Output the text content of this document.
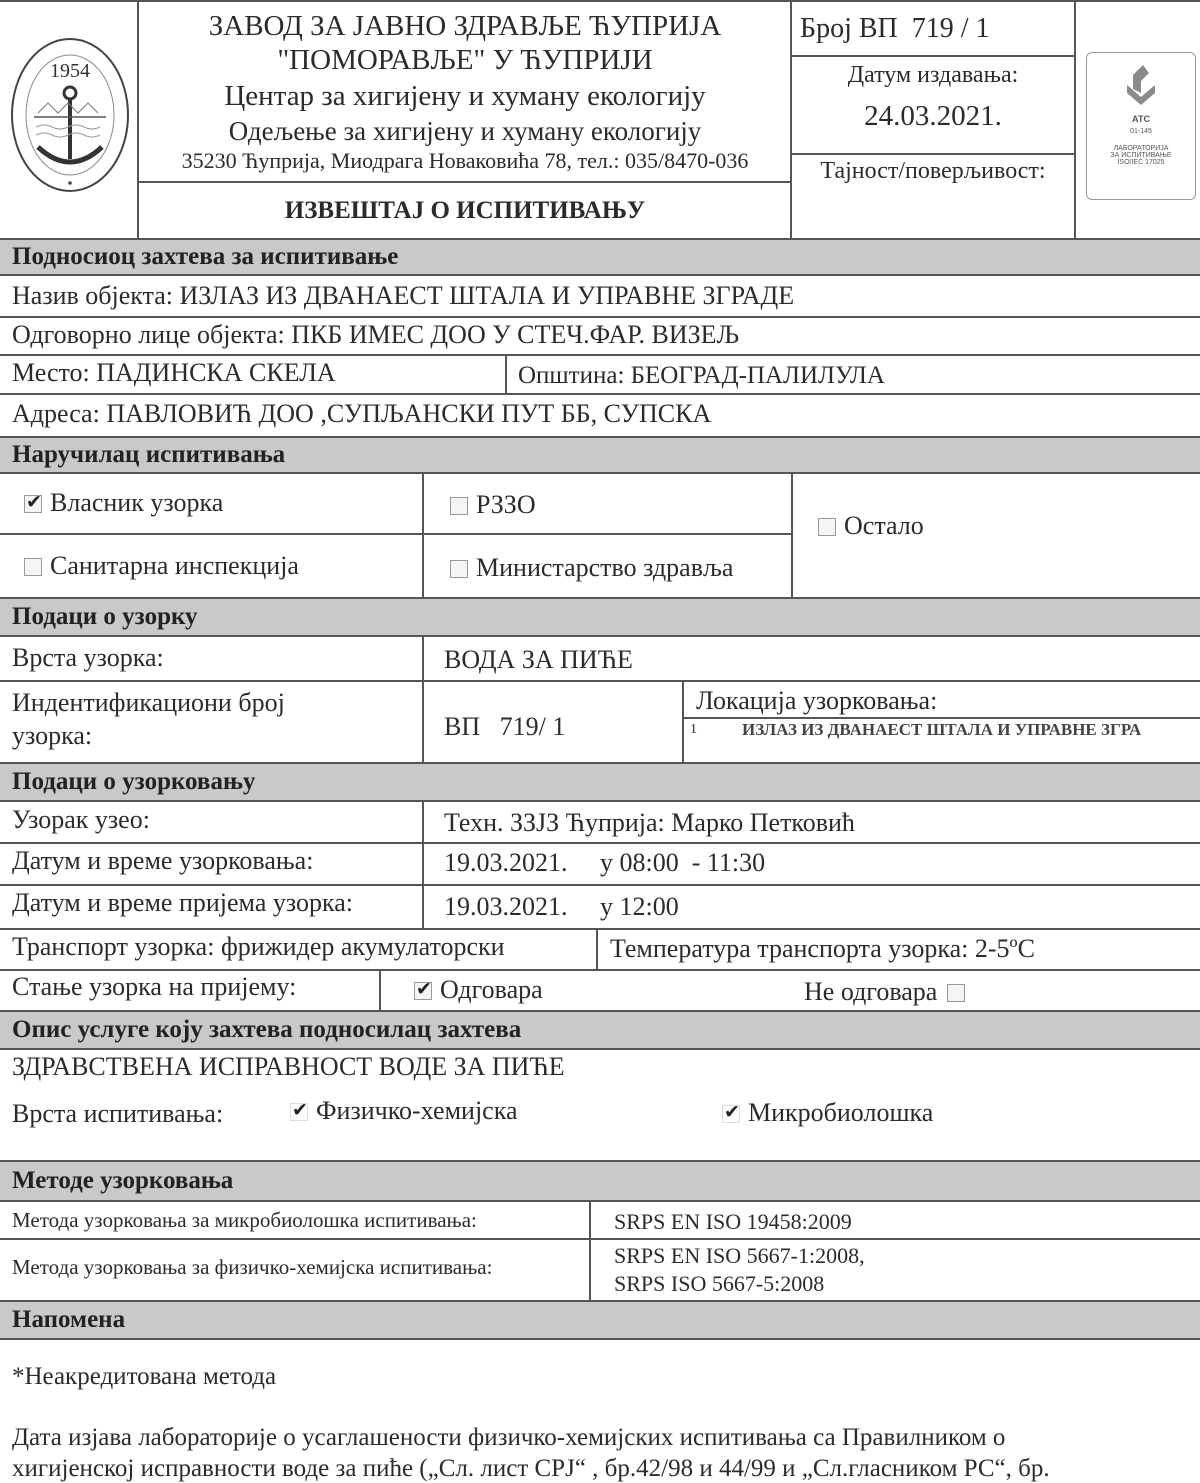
1954
ЗАВОД ЗА ЈАВНО ЗДРАВЉЕ ЋУПРИЈА
"ПОМОРАВЉЕ" У ЋУПРИЈИ
Центар за хигијену и хуману екологију
Одељење за хигијену и хуману екологију
35230 Ћуприја, Миодрага Новаковића 78, тел.: 035/8470-036
ИЗВЕШТАЈ О ИСПИТИВАЊУ
Број ВП 719 / 1
Датум издавања:
24.03.2021.
Тајност/поверљивост:
АТС
01-145
ЛАБОРАТОРИЈА
ЗА ИСПИТИВАЊЕ
ISO/IEC 17025
Подносиоц захтева за испитивање
Назив објекта: ИЗЛАЗ ИЗ ДВАНАЕСТ ШТАЛА И УПРАВНЕ ЗГРАДЕ
Одговорно лице објекта: ПКБ ИМЕС ДОО У СТЕЧ.ФАР. ВИЗЕЉ
Место: ПАДИНСКА СКЕЛА	Општина: БЕОГРАД-ПАЛИЛУЛА
Адреса: ПАВЛОВИЋ ДОО ,СУПЉАНСКИ ПУТ ББ, СУПСКА
Наручилац испитивања
✔Власник узорка	РЗЗО
Остало
Санитарна инспекција	Министарство здравља
Подаци о узорку
Врста узорка:	ВОДА ЗА ПИЋЕ
Индентификациони број
узорка:	ВП   719/ 1
Локација узорковања:
1	ИЗЛАЗ ИЗ ДВАНАЕСТ ШТАЛА И УПРАВНЕ ЗГРА
Подаци о узорковању
Узорак узео:	Техн. ЗЗЈЗ Ћуприја: Марко Петковић
Датум и време узорковања:	19.03.2021.     у 08:00  - 11:30
Датум и време пријема узорка:	19.03.2021.     у 12:00
Транспорт узорка: фрижидер акумулаторски	Температура транспорта узорка: 2-5ºC
Стање узорка на пријему: ✔	Одговара	Не одговара
Опис услуге коју захтева подносилац захтева
ЗДРАВСТВЕНА ИСПРАВНОСТ ВОДЕ ЗА ПИЋЕ
Врста испитивања: ✔	Физичко-хемијска ✔	Микробиолошка
Методе узорковања
Метода узорковања за микробиолошка испитивања:	SRPS EN ISO 19458:2009
Метода узорковања за физичко-хемијска испитивања:	SRPS EN ISO 5667-1:2008,
SRPS ISO 5667-5:2008
Напомена
*Неакредитована метода
Дата изјава лабораторије о усаглашености физичко-хемијских испитивања са Правилником о
хигијенској исправности воде за пиће („Сл. лист СРЈ“ , бр.42/98 и 44/99 и „Сл.гласником РС“, бр.
